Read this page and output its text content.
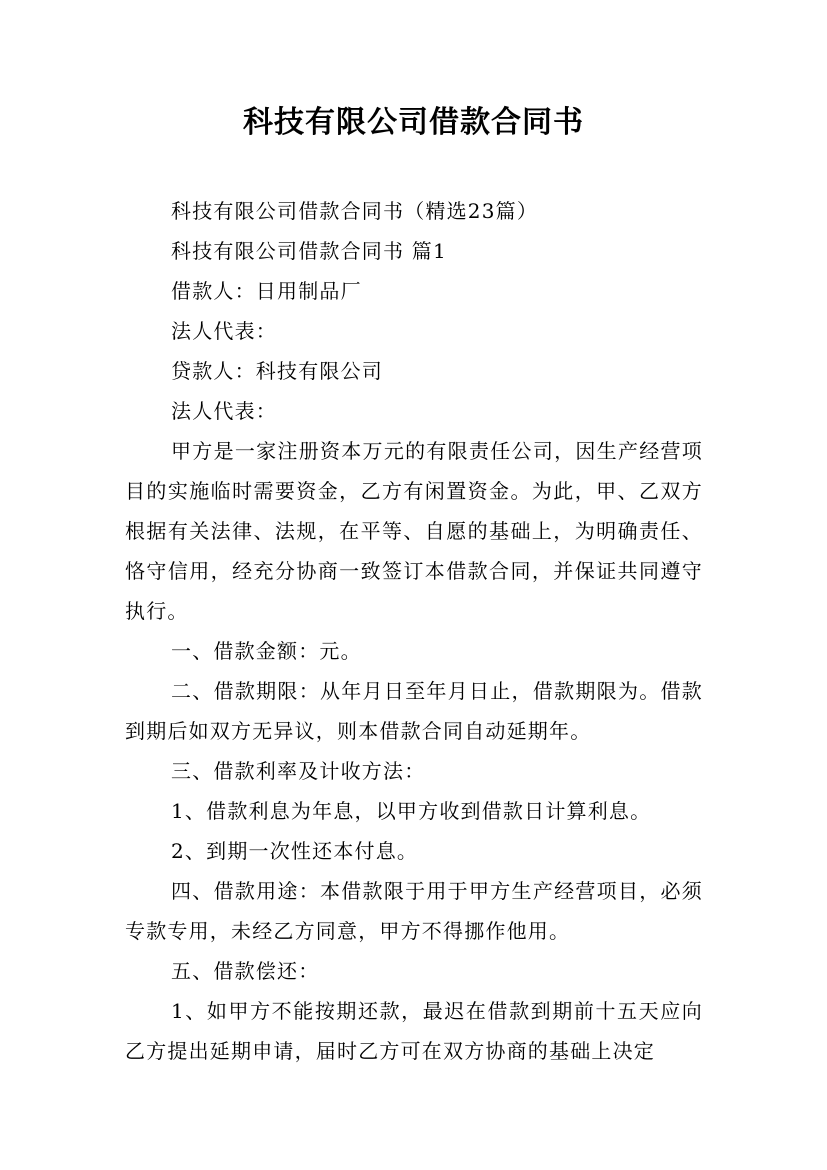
科技有限公司借款合同书

科技有限公司借款合同书（精选23篇）

科技有限公司借款合同书 篇1

借款人：日用制品厂

法人代表：

贷款人：科技有限公司

法人代表：

甲方是一家注册资本万元的有限责任公司，因生产经营项目的实施临时需要资金，乙方有闲置资金。为此，甲、乙双方根据有关法律、法规，在平等、自愿的基础上，为明确责任、恪守信用，经充分协商一致签订本借款合同，并保证共同遵守执行。

一、借款金额：元。

二、借款期限：从年月日至年月日止，借款期限为。借款到期后如双方无异议，则本借款合同自动延期年。

三、借款利率及计收方法：

1、借款利息为年息，以甲方收到借款日计算利息。

2、到期一次性还本付息。

四、借款用途：本借款限于用于甲方生产经营项目，必须专款专用，未经乙方同意，甲方不得挪作他用。

五、借款偿还：

1、如甲方不能按期还款，最迟在借款到期前十五天应向乙方提出延期申请，届时乙方可在双方协商的基础上决定
